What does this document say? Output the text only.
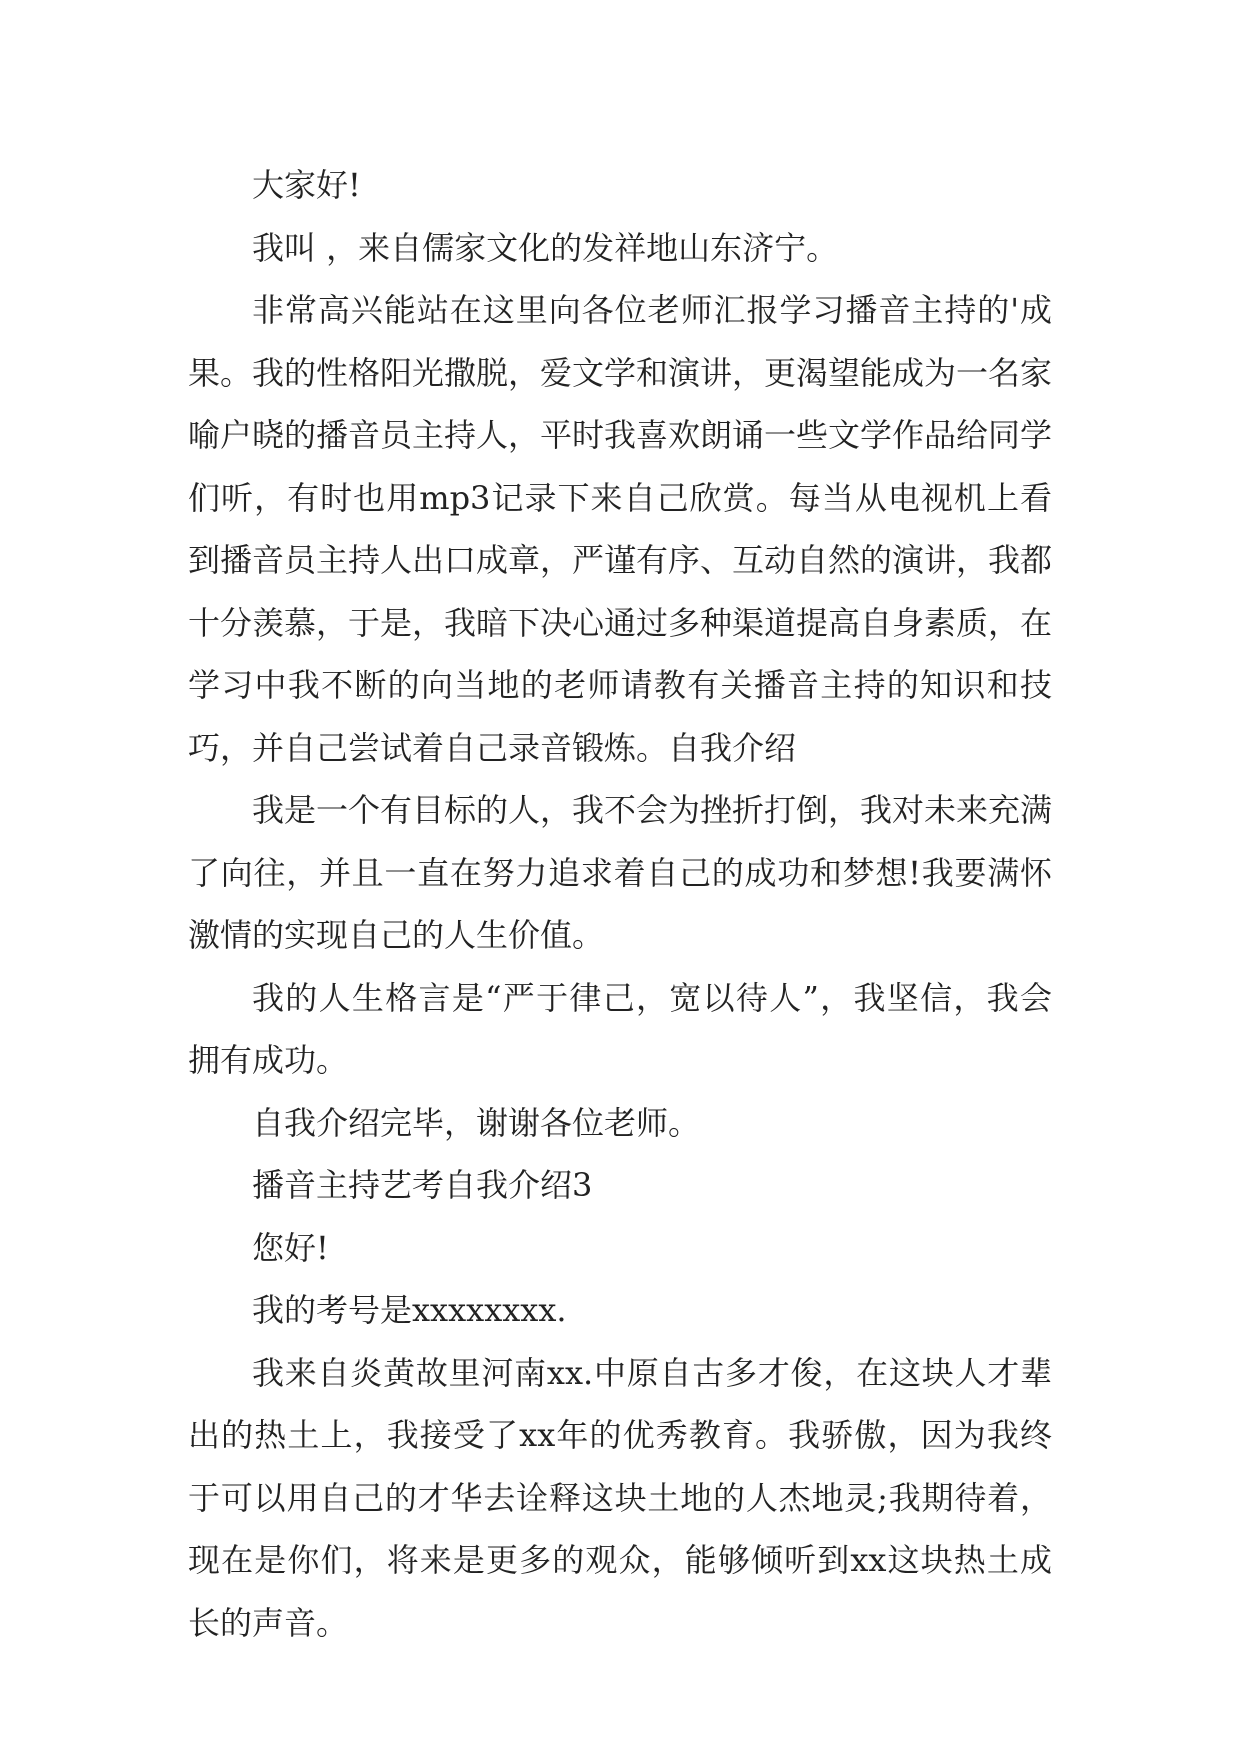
大家好!

我叫 ，来自儒家文化的发祥地山东济宁。

非常高兴能站在这里向各位老师汇报学习播音主持的'成果。我的性格阳光撒脱，爱文学和演讲，更渴望能成为一名家喻户晓的播音员主持人，平时我喜欢朗诵一些文学作品给同学们听，有时也用mp3记录下来自己欣赏。每当从电视机上看到播音员主持人出口成章，严谨有序、互动自然的演讲，我都十分羡慕，于是，我暗下决心通过多种渠道提高自身素质，在学习中我不断的向当地的老师请教有关播音主持的知识和技巧，并自己尝试着自己录音锻炼。自我介绍

我是一个有目标的人，我不会为挫折打倒，我对未来充满了向往，并且一直在努力追求着自己的成功和梦想!我要满怀激情的实现自己的人生价值。

我的人生格言是“严于律己，宽以待人”，我坚信，我会拥有成功。

自我介绍完毕，谢谢各位老师。

播音主持艺考自我介绍3

您好!

我的考号是xxxxxxxx.

我来自炎黄故里河南xx.中原自古多才俊，在这块人才辈出的热土上，我接受了xx年的优秀教育。我骄傲，因为我终于可以用自己的才华去诠释这块土地的人杰地灵;我期待着，现在是你们，将来是更多的观众，能够倾听到xx这块热土成长的声音。
